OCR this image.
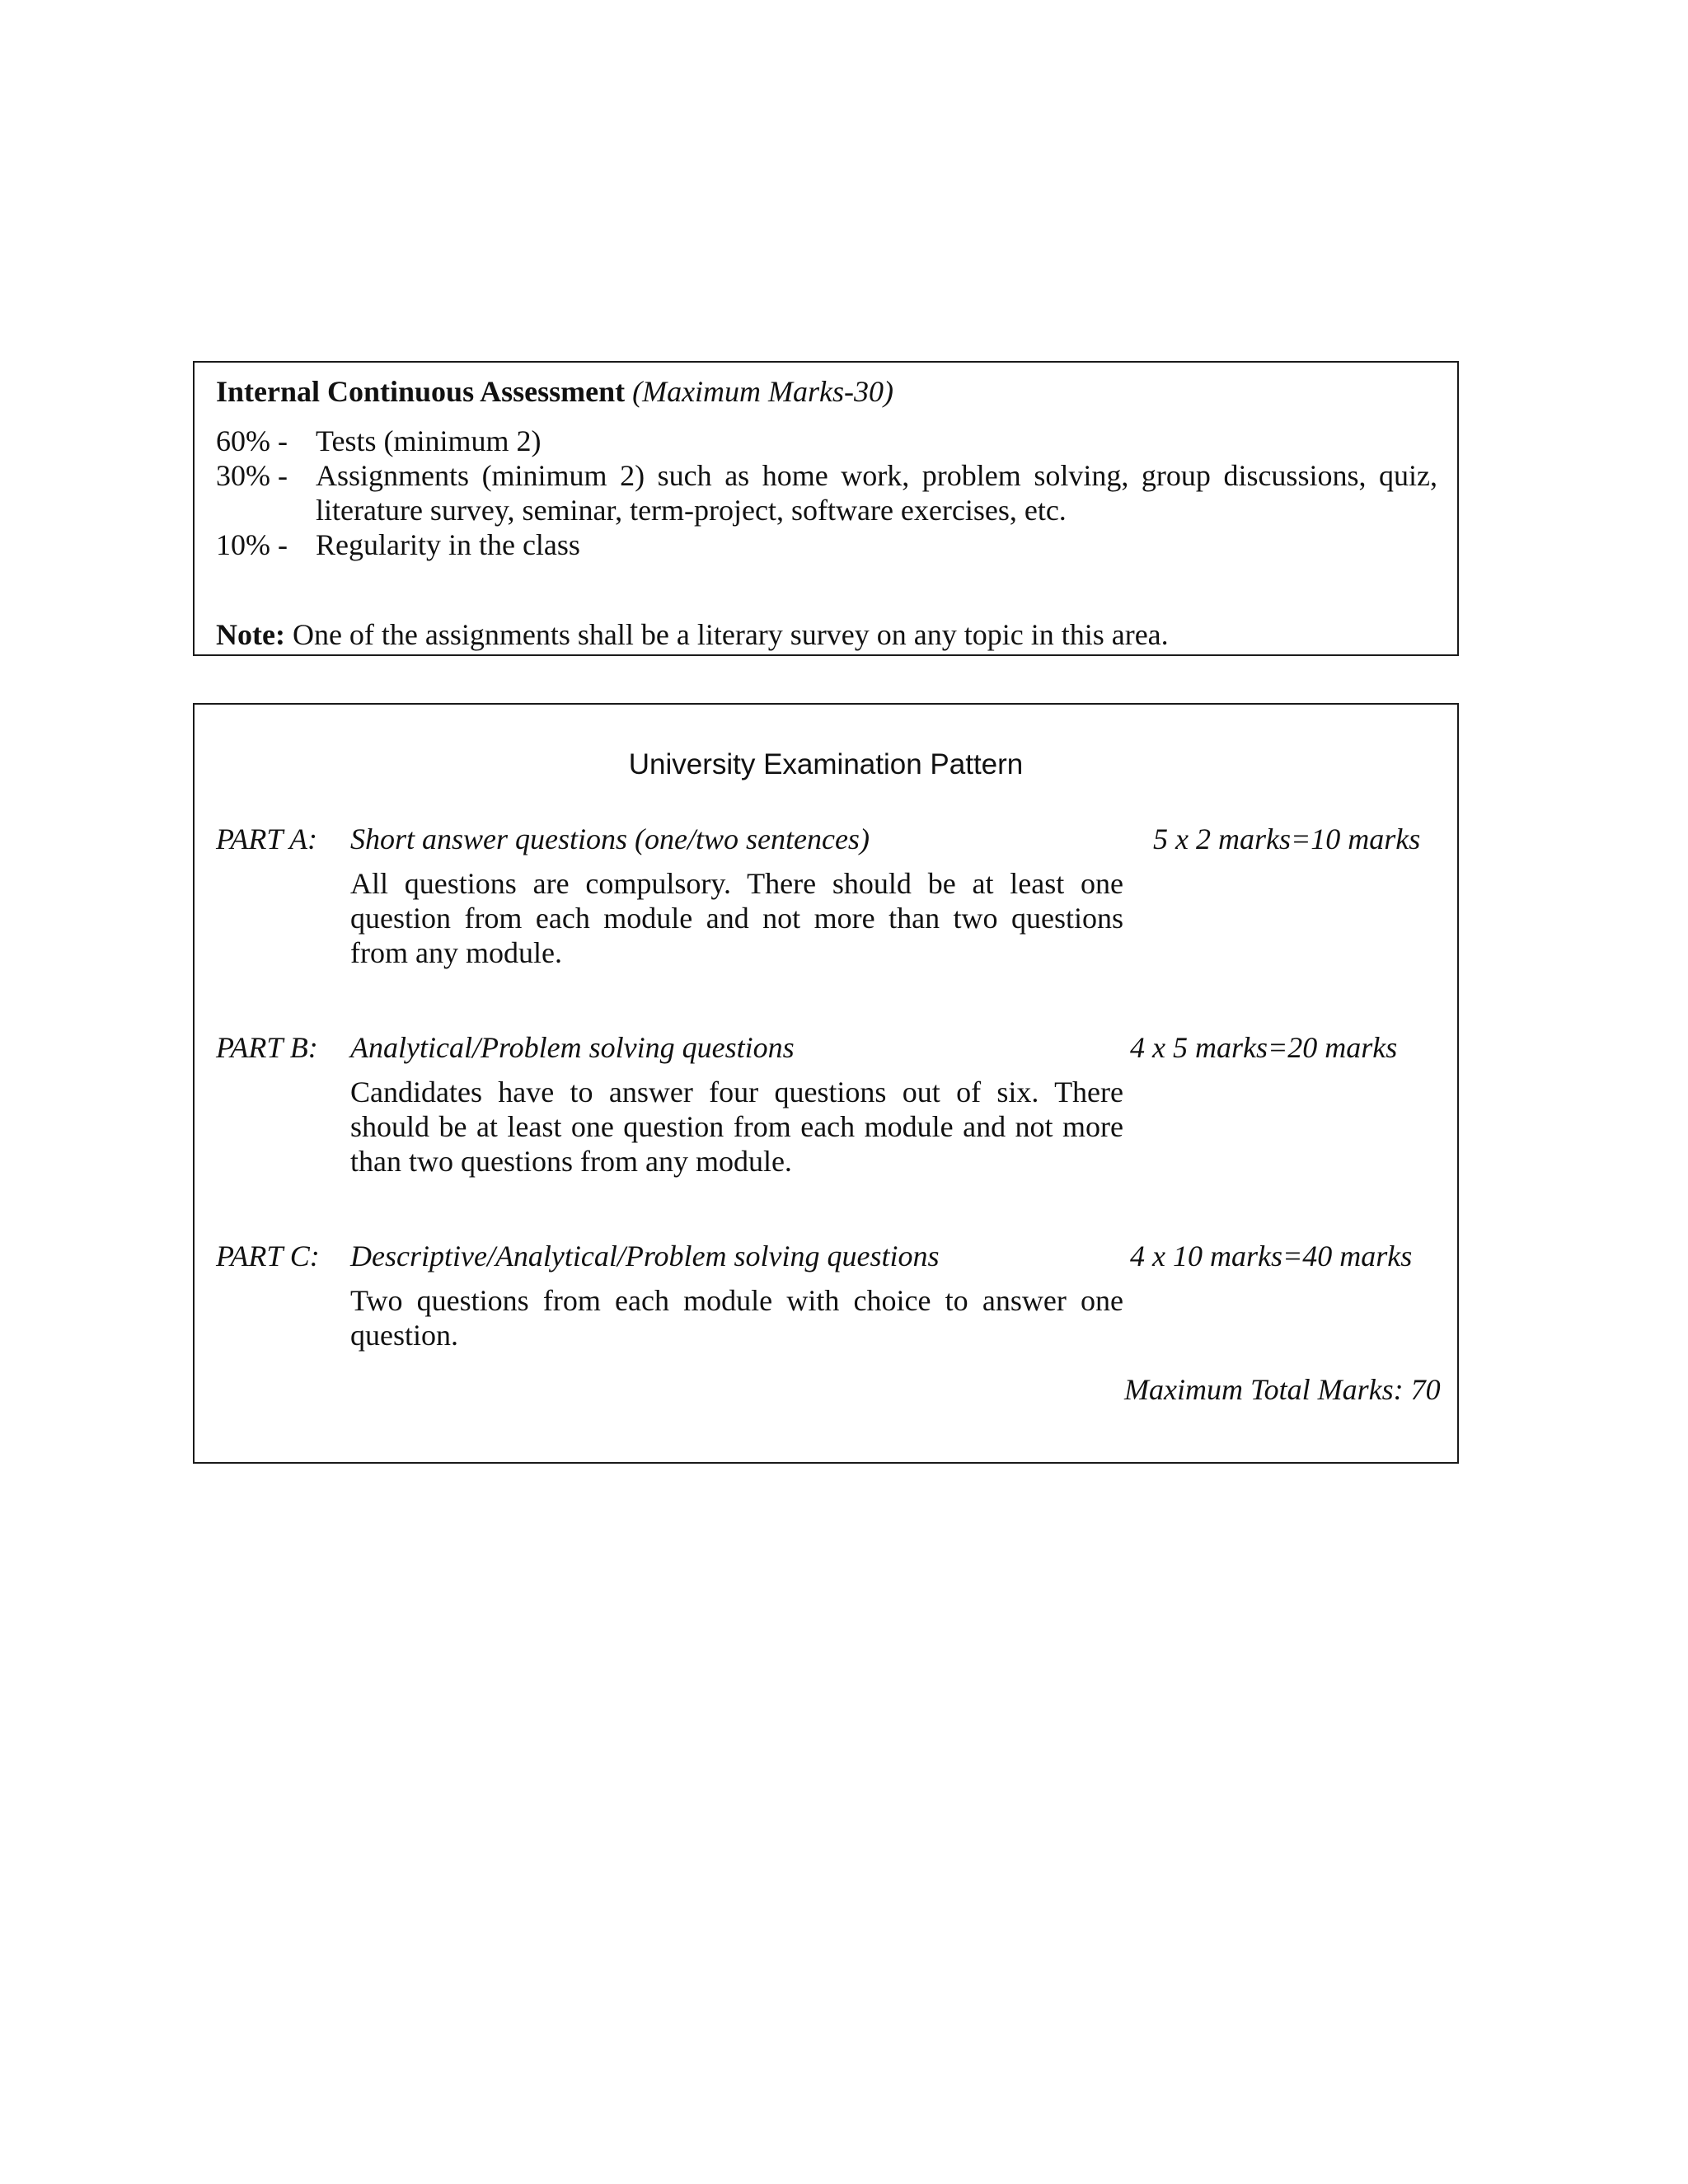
Internal Continuous Assessment (Maximum Marks-30)
60% - Tests (minimum 2)
30% - Assignments (minimum 2) such as home work, problem solving, group discussions, quiz,
literature survey, seminar, term-project, software exercises, etc.
10% - Regularity in the class
Note: One of the assignments shall be a literary survey on any topic in this area.
University Examination Pattern
PART A: Short answer questions (one/two sentences)	5 x 2 marks=10 marks
All questions are compulsory. There should be at least one
question from each module and not more than two questions
from any module.
PART B: Analytical/Problem solving questions	4 x 5 marks=20 marks
Candidates have to answer four questions out of six. There
should be at least one question from each module and not more
than two questions from any module.
PART C: Descriptive/Analytical/Problem solving questions	4 x 10 marks=40 marks
Two questions from each module with choice to answer one
question.
Maximum Total Marks: 70
